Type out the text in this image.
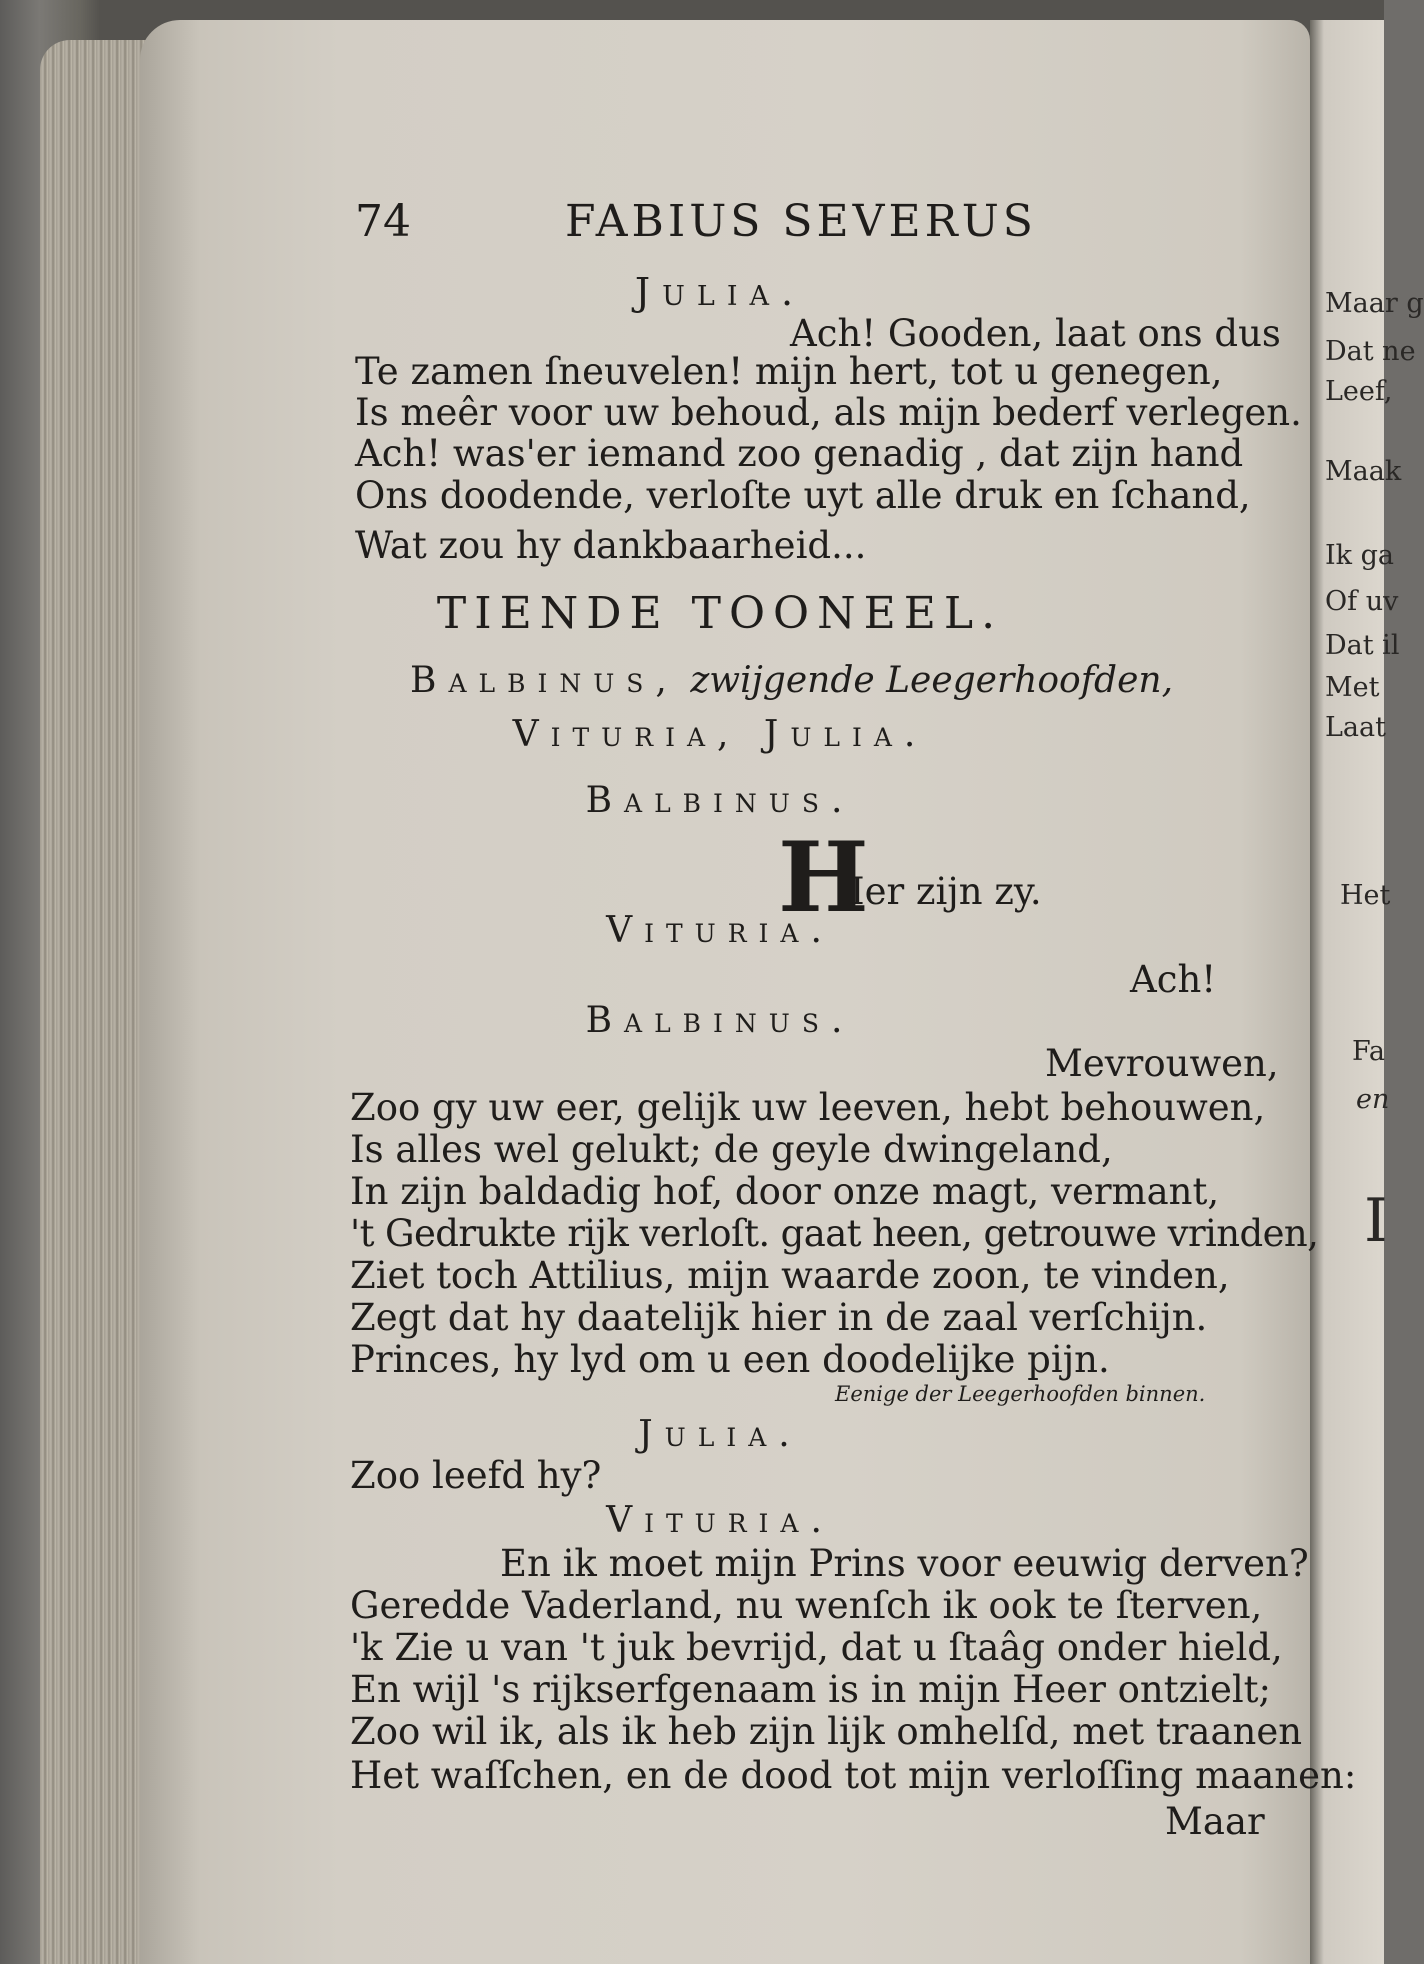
74	FABIUS SEVERUS
Julia.
Ach! Gooden, laat ons dus
Te zamen ſneuvelen! mijn hert, tot u genegen,
Is meêr voor uw behoud, als mijn bederf verlegen.
Ach! was'er iemand zoo genadig , dat zijn hand
Ons doodende, verloſte uyt alle druk en ſchand,
Wat zou hy dankbaarheid...
TIENDE TOONEEL.
Balbinus, zwijgende Leegerhoofden,
Vituria, Julia.
Balbinus.
H
Ier zijn zy.
Vituria.
Ach!
Balbinus.
Mevrouwen,
Zoo gy uw eer, gelijk uw leeven, hebt behouwen,
Is alles wel gelukt; de geyle dwingeland,
In zijn baldadig hof, door onze magt, vermant,
't Gedrukte rijk verloſt. gaat heen, getrouwe vrinden,
Ziet toch Attilius, mijn waarde zoon, te vinden,
Zegt dat hy daatelijk hier in de zaal verſchijn.
Princes, hy lyd om u een doodelijke pijn.
Eenige der Leegerhoofden binnen.
Julia.
Zoo leefd hy?
Vituria.
En ik moet mijn Prins voor eeuwig derven?
Geredde Vaderland, nu wenſch ik ook te ſterven,
'k Zie u van 't juk bevrijd, dat u ſtaâg onder hield,
En wijl 's rijkserfgenaam is in mijn Heer ontzielt;
Zoo wil ik, als ik heb zijn lijk omhelſd, met traanen
Het waſſchen, en de dood tot mijn verloſſing maanen:
Maar
Maar g
Dat ne
Leef,
Maak
Ik ga
Of uv
Dat il
Met
Laat
Het
Fa
en
I
